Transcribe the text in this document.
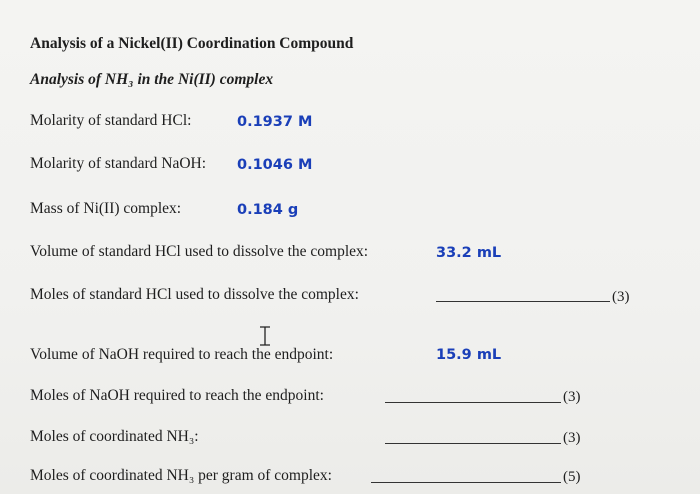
Analysis of a Nickel(II) Coordination Compound
Analysis of NH₃ in the Ni(II) complex
Molarity of standard HCl:	0.1937 M
Molarity of standard NaOH: 0.1046 M
Mass of Ni(II) complex:	0.184 g
Volume of standard HCl used to dissolve the complex:	33.2 mL
Moles of standard HCl used to dissolve the complex:	(3)
Volume of NaOH required to reach the endpoint:	15.9 mL
Moles of NaOH required to reach the endpoint:	(3)
Moles of coordinated NH₃:	(3)
Moles of coordinated NH₃ per gram of complex:	(5)
